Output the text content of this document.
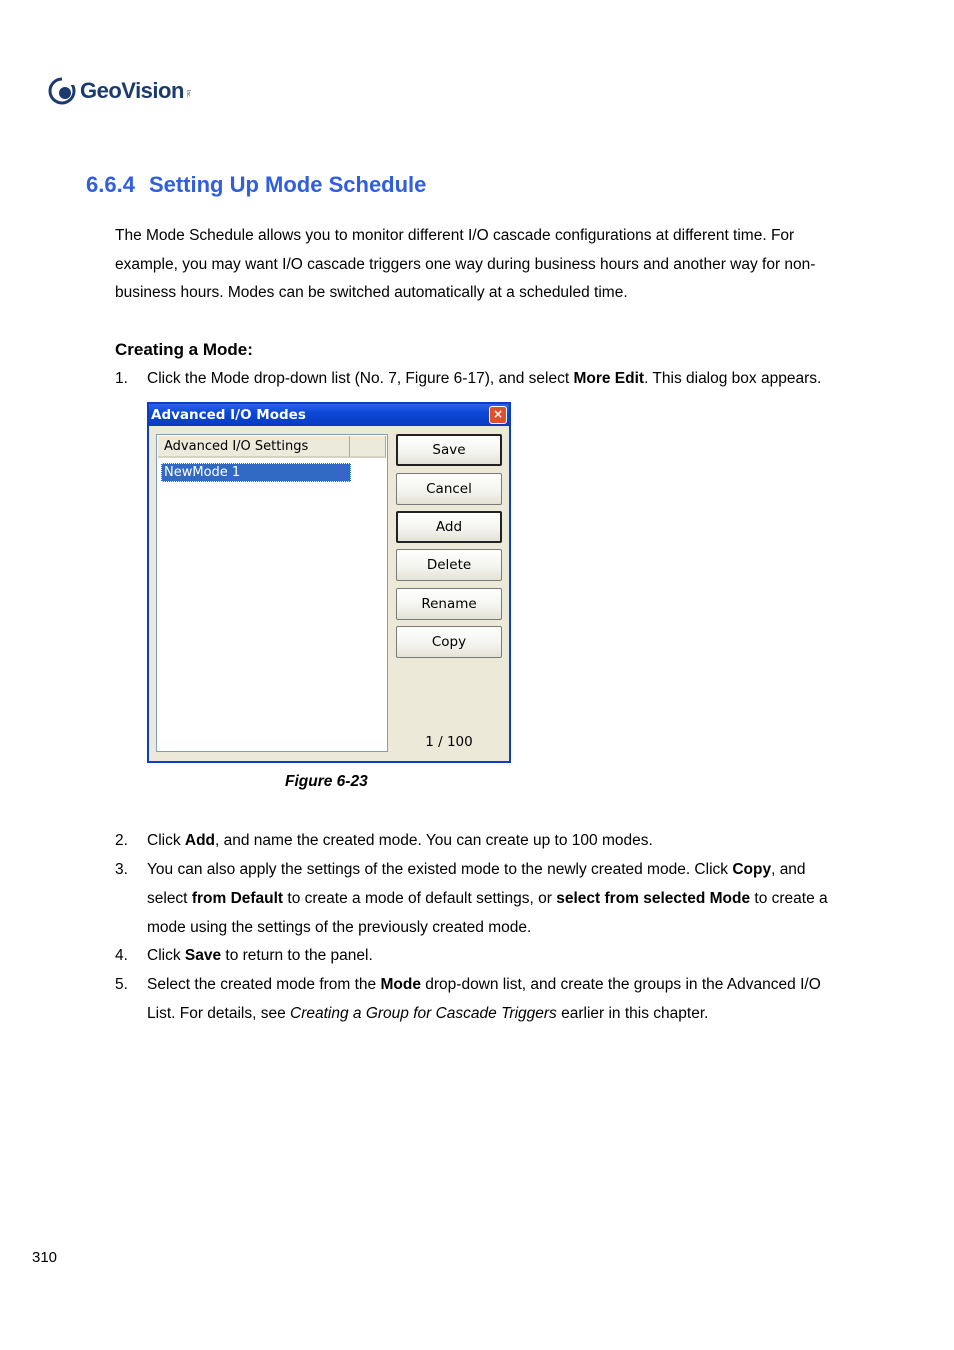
GeoVision Inc.
6.6.4 Setting Up Mode Schedule
The Mode Schedule allows you to monitor different I/O cascade configurations at different time. For example, you may want I/O cascade triggers one way during business hours and another way for non-business hours. Modes can be switched automatically at a scheduled time.
Creating a Mode:
1.	Click the Mode drop-down list (No. 7, Figure 6-17), and select More Edit. This dialog box appears.
Advanced I/O Modes	×
Advanced I/O Settings
NewMode 1
Save
Cancel
Add
Delete
Rename
Copy
1 / 100
Figure 6-23
2.	Click Add, and name the created mode. You can create up to 100 modes.
3.	You can also apply the settings of the existed mode to the newly created mode. Click Copy, and select from Default to create a mode of default settings, or select from selected Mode to create a mode using the settings of the previously created mode.
4.	Click Save to return to the panel.
5.	Select the created mode from the Mode drop-down list, and create the groups in the Advanced I/O List. For details, see Creating a Group for Cascade Triggers earlier in this chapter.
310
